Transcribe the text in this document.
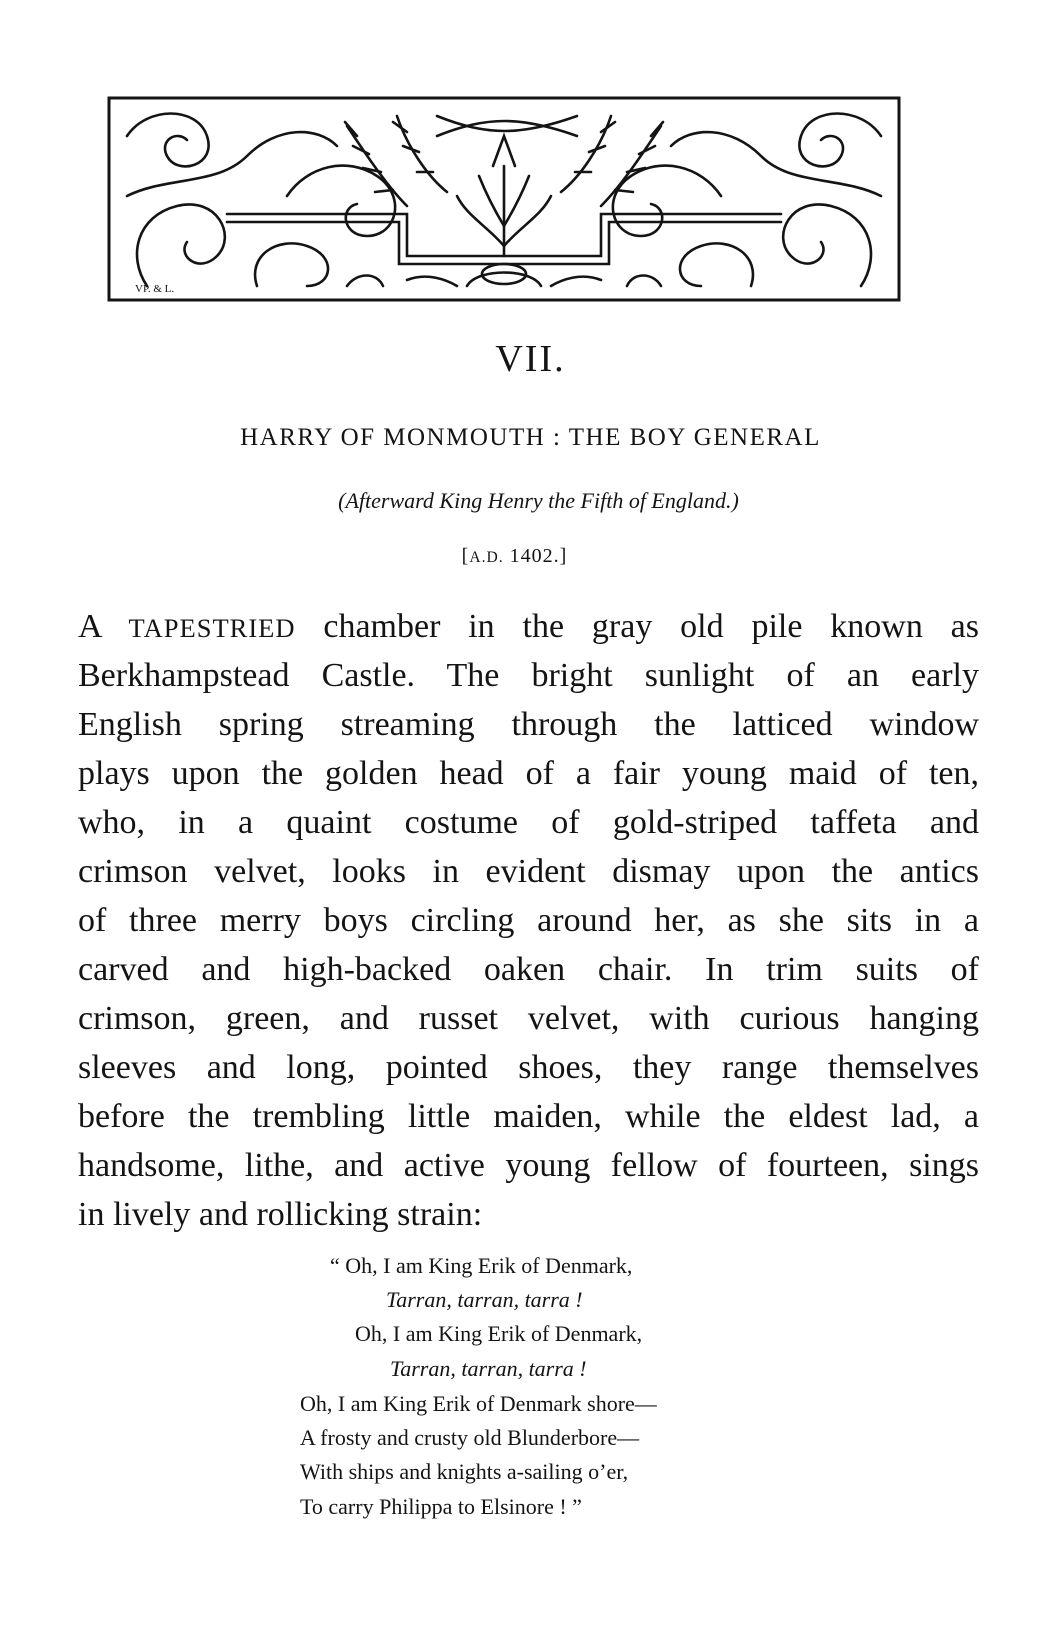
VP. & L.
VII.
HARRY OF MONMOUTH : THE BOY GENERAL
(Afterward King Henry the Fifth of England.)
[A.D. 1402.]
A TAPESTRIED chamber in the gray old pile known as
Berkhampstead Castle. The bright sunlight of an early
English spring streaming through the latticed window
plays upon the golden head of a fair young maid of ten,
who, in a quaint costume of gold-striped taffeta and
crimson velvet, looks in evident dismay upon the antics
of three merry boys circling around her, as she sits in a
carved and high-backed oaken chair. In trim suits of
crimson, green, and russet velvet, with curious hanging
sleeves and long, pointed shoes, they range themselves
before the trembling little maiden, while the eldest lad, a
handsome, lithe, and active young fellow of fourteen, sings
in lively and rollicking strain:
“ Oh, I am King Erik of Denmark,
Tarran, tarran, tarra !
Oh, I am King Erik of Denmark,
Tarran, tarran, tarra !
Oh, I am King Erik of Denmark shore—
A frosty and crusty old Blunderbore—
With ships and knights a-sailing o’er,
To carry Philippa to Elsinore ! ”
